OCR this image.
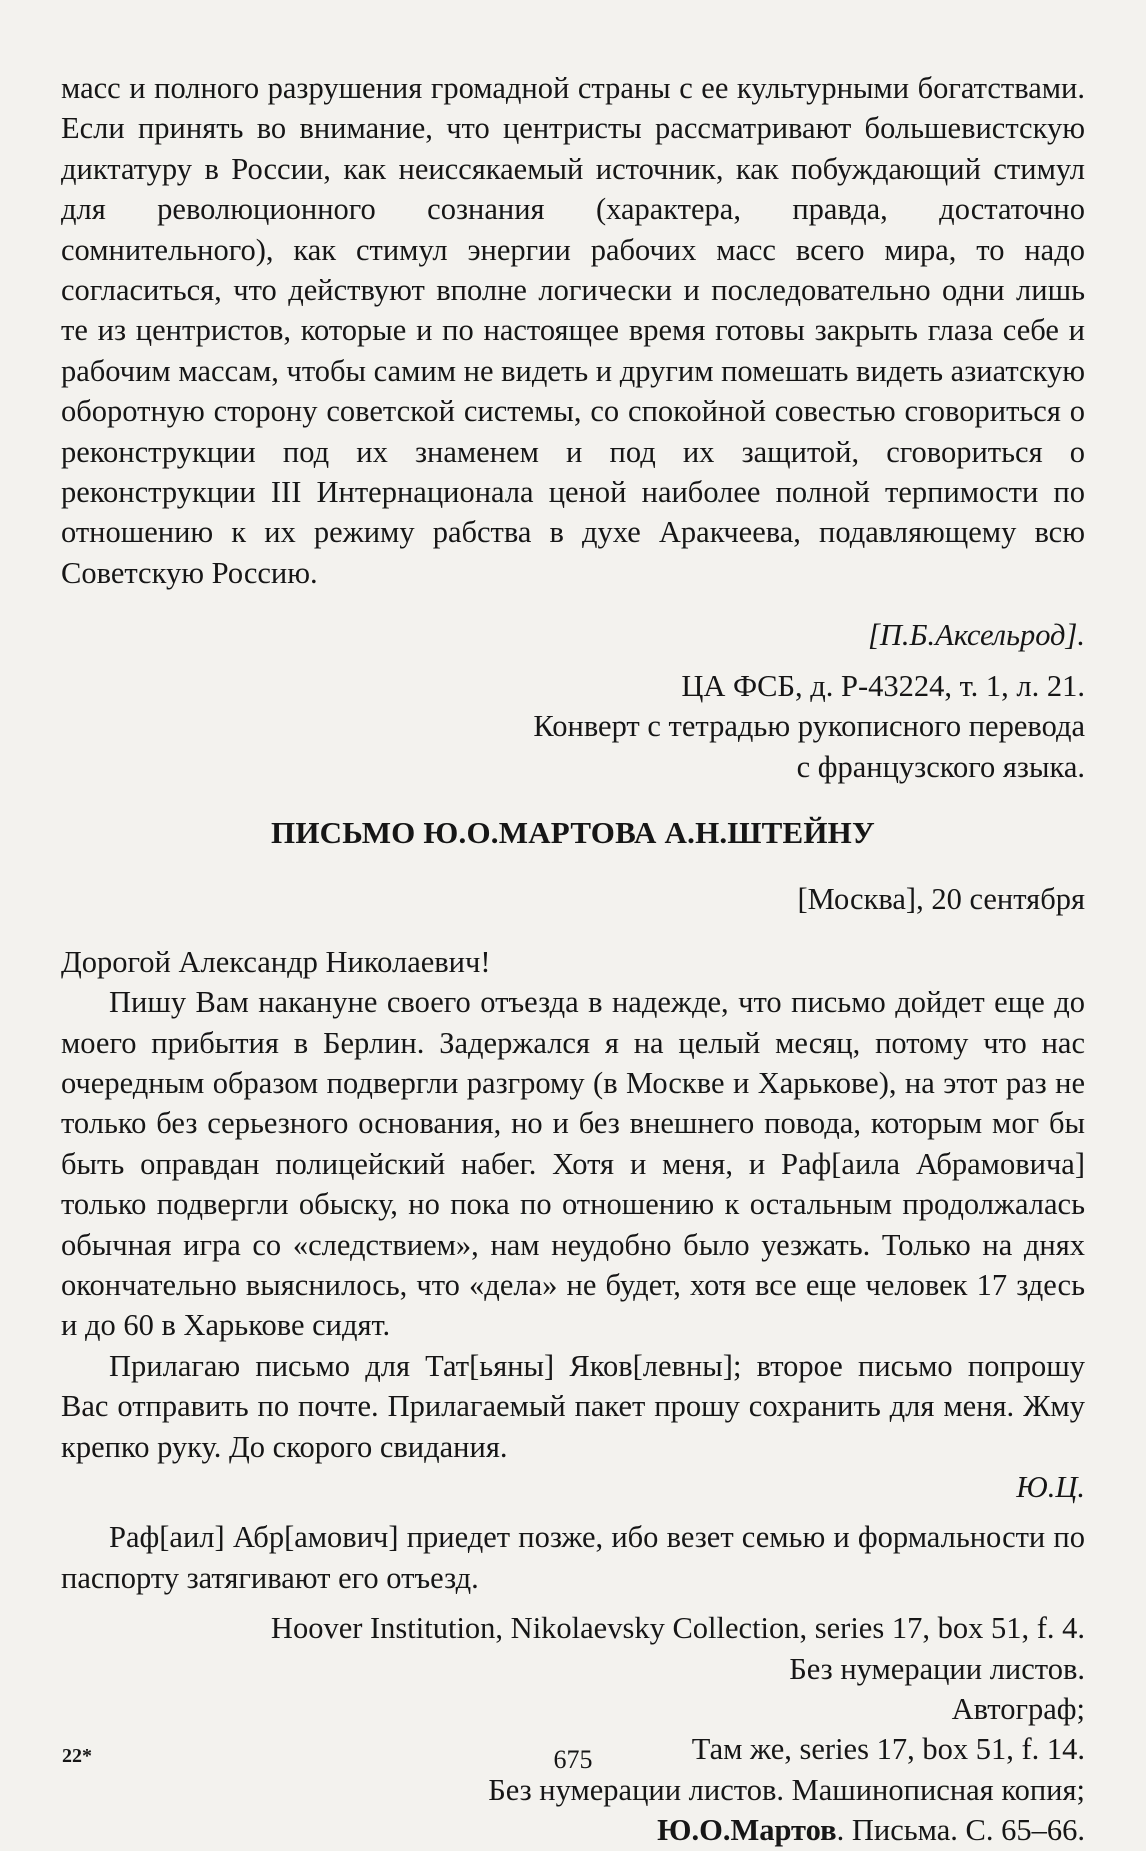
масс и полного разрушения громадной страны с ее культурными богатствами. Если принять во внимание, что центристы рассматривают большевистскую диктатуру в России, как неиссякаемый источник, как побуждающий стимул для революционного сознания (характера, правда, достаточно сомнительного), как стимул энергии рабочих масс всего мира, то надо согласиться, что действуют вполне логически и последовательно одни лишь те из центристов, которые и по настоящее время готовы закрыть глаза себе и рабочим массам, чтобы самим не видеть и другим помешать видеть азиатскую оборотную сторону советской системы, со спокойной совестью сговориться о реконструкции под их знаменем и под их защитой, сговориться о реконструкции III Интернационала ценой наиболее полной терпимости по отношению к их режиму рабства в духе Аракчеева, подавляющему всю Советскую Россию.

[П.Б.Аксельрод].

ЦА ФСБ, д. Р-43224, т. 1, л. 21.

Конверт с тетрадью рукописного перевода

с французского языка.

ПИСЬМО Ю.О.МАРТОВА А.Н.ШТЕЙНУ

[Москва], 20 сентября

Дорогой Александр Николаевич!

Пишу Вам накануне своего отъезда в надежде, что письмо дойдет еще до моего прибытия в Берлин. Задержался я на целый месяц, потому что нас очередным образом подвергли разгрому (в Москве и Харькове), на этот раз не только без серьезного основания, но и без внешнего повода, которым мог бы быть оправдан полицейский набег. Хотя и меня, и Раф[аила Абрамовича] только подвергли обыску, но пока по отношению к остальным продолжалась обычная игра со «следствием», нам неудобно было уезжать. Только на днях окончательно выяснилось, что «дела» не будет, хотя все еще человек 17 здесь и до 60 в Харькове сидят.

Прилагаю письмо для Тат[ьяны] Яков[левны]; второе письмо попрошу Вас отправить по почте. Прилагаемый пакет прошу сохранить для меня. Жму крепко руку. До скорого свидания.

Ю.Ц.

Раф[аил] Абр[амович] приедет позже, ибо везет семью и формальности по паспорту затягивают его отъезд.

Hoover Institution, Nikolaevsky Collection, series 17, box 51, f. 4.

Без нумерации листов.

Автограф;

Там же, series 17, box 51, f. 14.

Без нумерации листов. Машинописная копия;

Ю.О.Мартов. Письма. С. 65–66.

22*	675
